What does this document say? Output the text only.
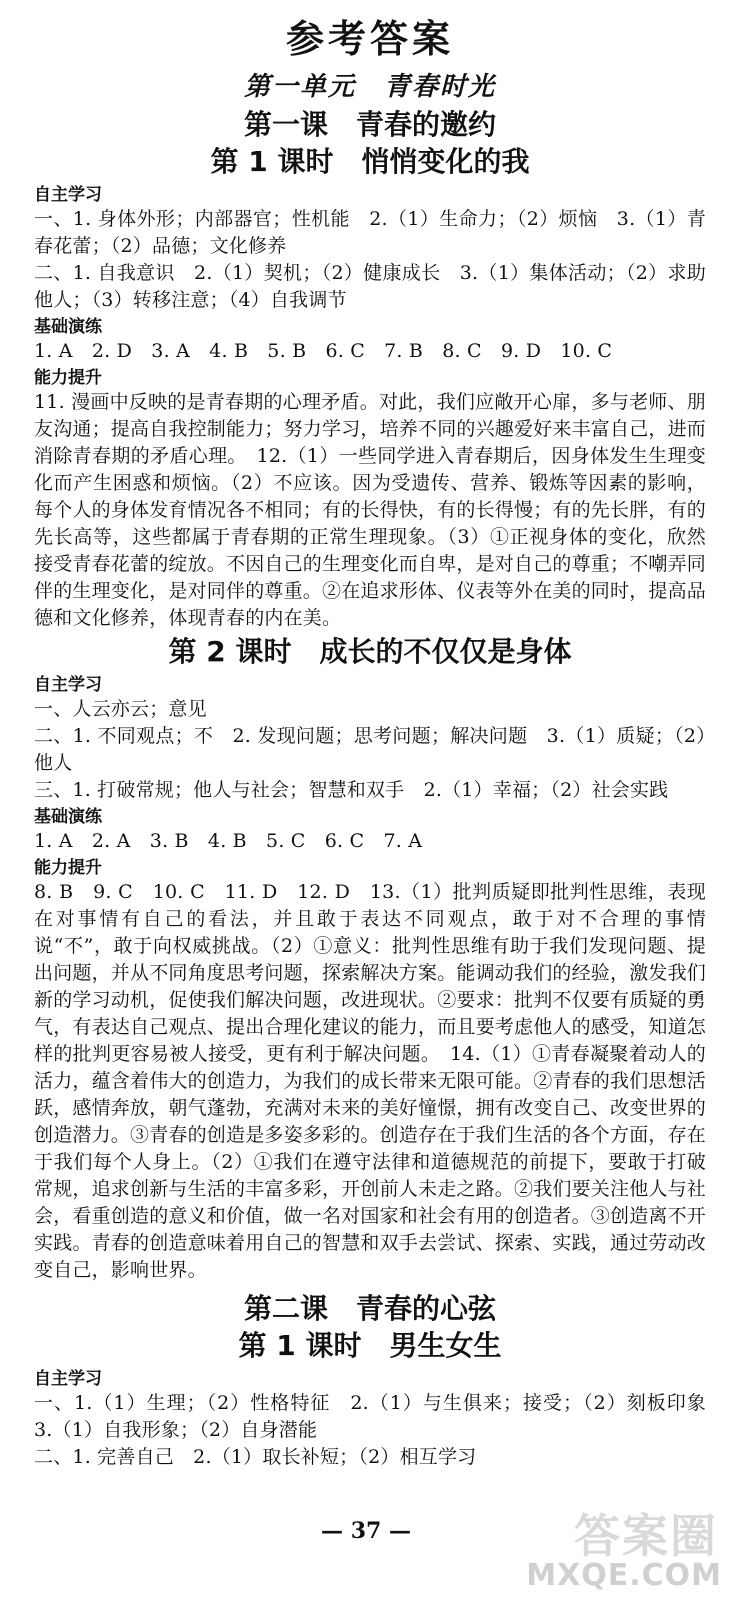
参考答案
第一单元　青春时光
第一课　青春的邀约
第 1 课时　悄悄变化的我
自主学习

一、1. 身体外形；内部器官；性机能　2.（1）生命力；（2）烦恼　3.（1）青春花蕾；（2）品德；文化修养

二、1. 自我意识　2.（1）契机；（2）健康成长　3.（1）集体活动；（2）求助他人；（3）转移注意；（4）自我调节

基础演练

1. A　2. D　3. A　4. B　5. B　6. C　7. B　8. C　9. D　10. C

能力提升

11. 漫画中反映的是青春期的心理矛盾。对此，我们应敞开心扉，多与老师、朋友沟通；提高自我控制能力；努力学习，培养不同的兴趣爱好来丰富自己，进而消除青春期的矛盾心理。　12.（1）一些同学进入青春期后，因身体发生生理变化而产生困惑和烦恼。（2）不应该。因为受遗传、营养、锻炼等因素的影响，每个人的身体发育情况各不相同；有的长得快，有的长得慢；有的先长胖，有的先长高等，这些都属于青春期的正常生理现象。（3）①正视身体的变化，欣然接受青春花蕾的绽放。不因自己的生理变化而自卑，是对自己的尊重；不嘲弄同伴的生理变化，是对同伴的尊重。②在追求形体、仪表等外在美的同时，提高品德和文化修养，体现青春的内在美。

第 2 课时　成长的不仅仅是身体
自主学习

一、人云亦云；意见

二、1. 不同观点；不　2. 发现问题；思考问题；解决问题　3.（1）质疑；（2）他人

三、1. 打破常规；他人与社会；智慧和双手　2.（1）幸福；（2）社会实践

基础演练

1. A　2. A　3. B　4. B　5. C　6. C　7. A

能力提升

8. B　9. C　10. C　11. D　12. D　13.（1）批判质疑即批判性思维，表现在对事情有自己的看法，并且敢于表达不同观点，敢于对不合理的事情说“不”，敢于向权威挑战。（2）①意义：批判性思维有助于我们发现问题、提出问题，并从不同角度思考问题，探索解决方案。能调动我们的经验，激发我们新的学习动机，促使我们解决问题，改进现状。②要求：批判不仅要有质疑的勇气，有表达自己观点、提出合理化建议的能力，而且要考虑他人的感受，知道怎样的批判更容易被人接受，更有利于解决问题。　14.（1）①青春凝聚着动人的活力，蕴含着伟大的创造力，为我们的成长带来无限可能。②青春的我们思想活跃，感情奔放，朝气蓬勃，充满对未来的美好憧憬，拥有改变自己、改变世界的创造潜力。③青春的创造是多姿多彩的。创造存在于我们生活的各个方面，存在于我们每个人身上。（2）①我们在遵守法律和道德规范的前提下，要敢于打破常规，追求创新与生活的丰富多彩，开创前人未走之路。②我们要关注他人与社会，看重创造的意义和价值，做一名对国家和社会有用的创造者。③创造离不开实践。青春的创造意味着用自己的智慧和双手去尝试、探索、实践，通过劳动改变自己，影响世界。

第二课　青春的心弦
第 1 课时　男生女生
自主学习

一、1.（1）生理；（2）性格特征　2.（1）与生俱来；接受；（2）刻板印象　3.（1）自我形象；（2）自身潜能

二、1. 完善自己　2.（1）取长补短；（2）相互学习

— 37 —	答案圈
MXQE.COM
